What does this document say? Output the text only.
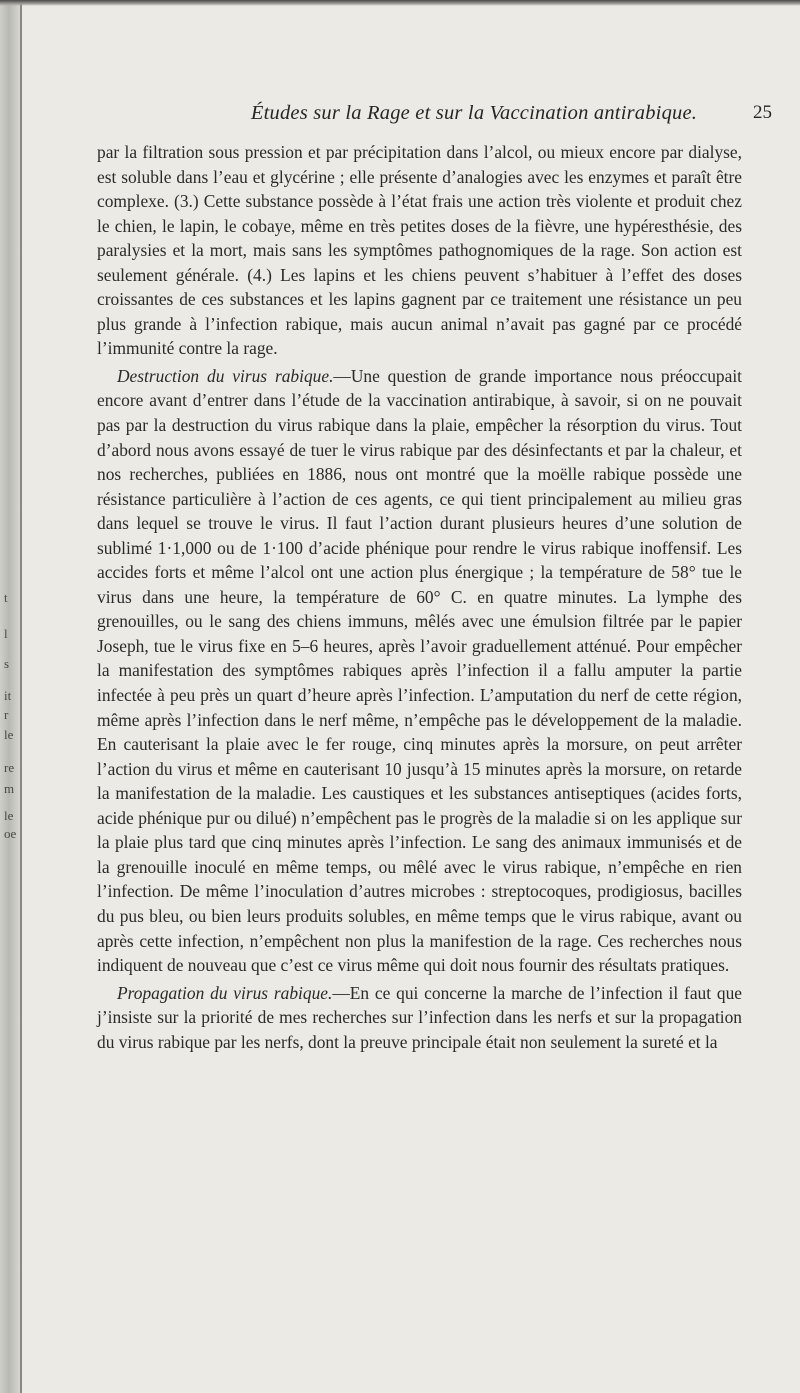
t
l
s
it
r
le
re
m
le
oe
Études sur la Rage et sur la Vaccination antirabique.	25

par la filtration sous pression et par précipitation dans l’alcol, ou mieux encore par dialyse, est soluble dans l’eau et glycérine ; elle présente d’analogies avec les enzymes et paraît être complexe. (3.) Cette substance possède à l’état frais une action très violente et produit chez le chien, le lapin, le cobaye, même en très petites doses de la fièvre, une hypéresthésie, des paralysies et la mort, mais sans les symptômes pathognomiques de la rage. Son action est seulement générale. (4.) Les lapins et les chiens peuvent s’habituer à l’effet des doses croissantes de ces substances et les lapins gagnent par ce traitement une résistance un peu plus grande à l’infection rabique, mais aucun animal n’avait pas gagné par ce procédé l’immunité contre la rage.

Destruction du virus rabique.—Une question de grande importance nous préoccupait encore avant d’entrer dans l’étude de la vaccination antirabique, à savoir, si on ne pouvait pas par la destruction du virus rabique dans la plaie, empêcher la résorption du virus. Tout d’abord nous avons essayé de tuer le virus rabique par des désinfectants et par la chaleur, et nos recherches, publiées en 1886, nous ont montré que la moëlle rabique possède une résistance particulière à l’action de ces agents, ce qui tient principalement au milieu gras dans lequel se trouve le virus. Il faut l’action durant plusieurs heures d’une solution de sublimé 1·1,000 ou de 1·100 d’acide phénique pour rendre le virus rabique inoffensif. Les accides forts et même l’alcol ont une action plus énergique ; la température de 58° tue le virus dans une heure, la température de 60° C. en quatre minutes. La lymphe des grenouilles, ou le sang des chiens immuns, mêlés avec une émulsion filtrée par le papier Joseph, tue le virus fixe en 5–6 heures, après l’avoir graduellement atténué. Pour empêcher la manifestation des symptômes rabiques après l’infection il a fallu amputer la partie infectée à peu près un quart d’heure après l’infection. L’amputation du nerf de cette région, même après l’infection dans le nerf même, n’empêche pas le développement de la maladie. En cauterisant la plaie avec le fer rouge, cinq minutes après la morsure, on peut arrêter l’action du virus et même en cauterisant 10 jusqu’à 15 minutes après la morsure, on retarde la manifestation de la maladie. Les caustiques et les substances antiseptiques (acides forts, acide phénique pur ou dilué) n’empêchent pas le progrès de la maladie si on les applique sur la plaie plus tard que cinq minutes après l’infection. Le sang des animaux immunisés et de la grenouille inoculé en même temps, ou mêlé avec le virus rabique, n’empêche en rien l’infection. De même l’inoculation d’autres microbes : streptocoques, prodigiosus, bacilles du pus bleu, ou bien leurs produits solubles, en même temps que le virus rabique, avant ou après cette infection, n’empêchent non plus la manifestion de la rage. Ces recherches nous indiquent de nouveau que c’est ce virus même qui doit nous fournir des résultats pratiques.

Propagation du virus rabique.—En ce qui concerne la marche de l’infection il faut que j’insiste sur la priorité de mes recherches sur l’infection dans les nerfs et sur la propagation du virus rabique par les nerfs, dont la preuve principale était non seulement la sureté et la
